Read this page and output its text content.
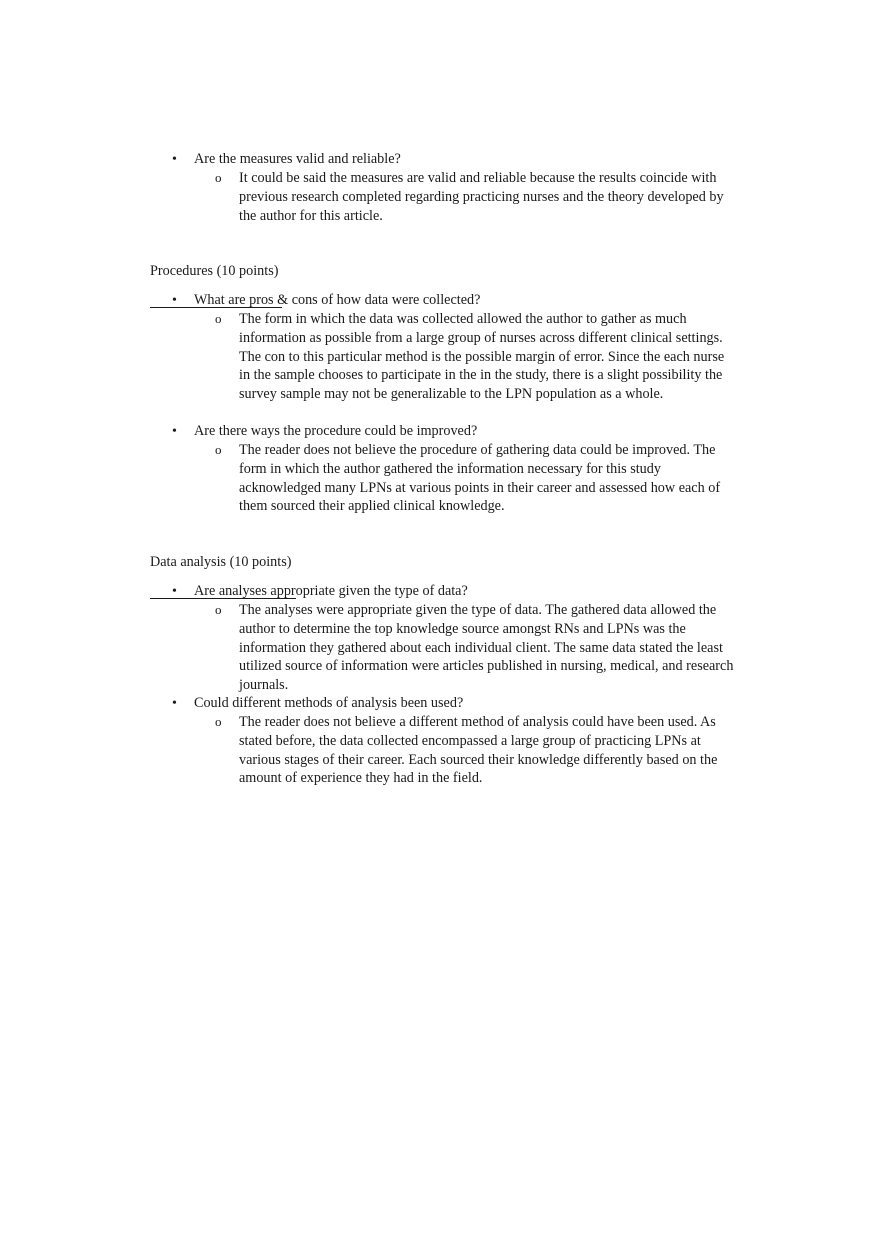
• Are the measures valid and reliable?
o It could be said the measures are valid and reliable because the results coincide with previous research completed regarding practicing nurses and the theory developed by the author for this article.
Procedures (10 points)
• What are pros & cons of how data were collected?
o The form in which the data was collected allowed the author to gather as much information as possible from a large group of nurses across different clinical settings. The con to this particular method is the possible margin of error. Since the each nurse in the sample chooses to participate in the in the study, there is a slight possibility the survey sample may not be generalizable to the LPN population as a whole.
• Are there ways the procedure could be improved?
o The reader does not believe the procedure of gathering data could be improved. The form in which the author gathered the information necessary for this study acknowledged many LPNs at various points in their career and assessed how each of them sourced their applied clinical knowledge.
Data analysis (10 points)
• Are analyses appropriate given the type of data?
o The analyses were appropriate given the type of data. The gathered data allowed the author to determine the top knowledge source amongst RNs and LPNs was the information they gathered about each individual client. The same data stated the least utilized source of information were articles published in nursing, medical, and research journals.
• Could different methods of analysis been used?
o The reader does not believe a different method of analysis could have been used. As stated before, the data collected encompassed a large group of practicing LPNs at various stages of their career. Each sourced their knowledge differently based on the amount of experience they had in the field.
